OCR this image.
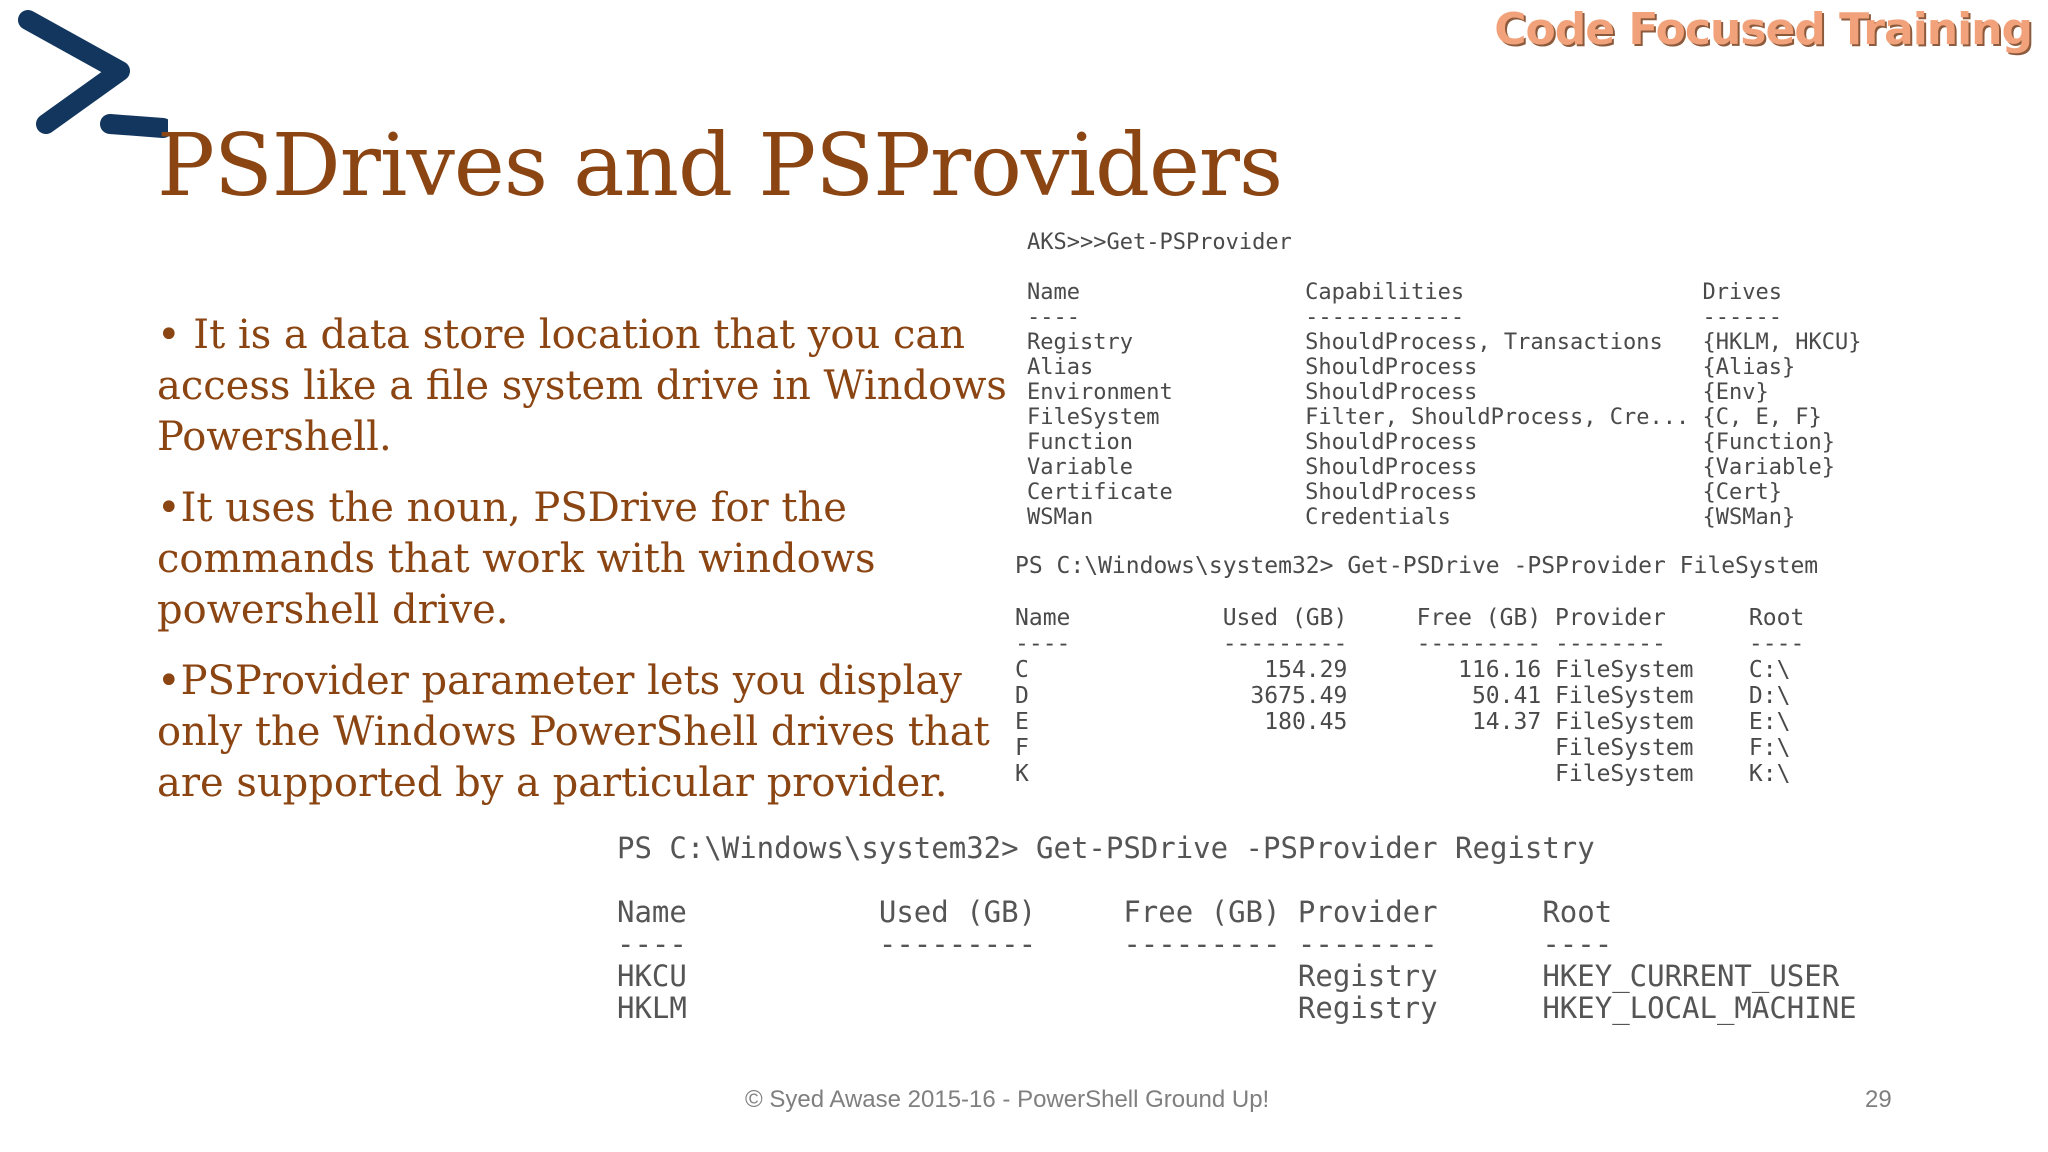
Code Focused Training
PSDrives and PSProviders

• It is a data store location that you can access like a file system drive in Windows Powershell.

•It uses the noun, PSDrive for the commands that work with windows powershell drive.

•PSProvider parameter lets you display only the Windows PowerShell drives that are supported by a particular provider.

AKS>>>Get-PSProvider

Name                 Capabilities                  Drives
----                 ------------                  ------
Registry             ShouldProcess, Transactions   {HKLM, HKCU}
Alias                ShouldProcess                 {Alias}
Environment          ShouldProcess                 {Env}
FileSystem           Filter, ShouldProcess, Cre... {C, E, F}
Function             ShouldProcess                 {Function}
Variable             ShouldProcess                 {Variable}
Certificate          ShouldProcess                 {Cert}
WSMan                Credentials                   {WSMan}
PS C:\Windows\system32> Get-PSDrive -PSProvider FileSystem

Name           Used (GB)     Free (GB) Provider      Root
----           ---------     --------- --------      ----
C                 154.29        116.16 FileSystem    C:\
D                3675.49         50.41 FileSystem    D:\
E                 180.45         14.37 FileSystem    E:\
F                                      FileSystem    F:\
K                                      FileSystem    K:\
PS C:\Windows\system32> Get-PSDrive -PSProvider Registry

Name           Used (GB)     Free (GB) Provider      Root
----           ---------     --------- --------      ----
HKCU                                   Registry      HKEY_CURRENT_USER
HKLM                                   Registry      HKEY_LOCAL_MACHINE
© Syed Awase 2015-16 - PowerShell Ground Up!	29
